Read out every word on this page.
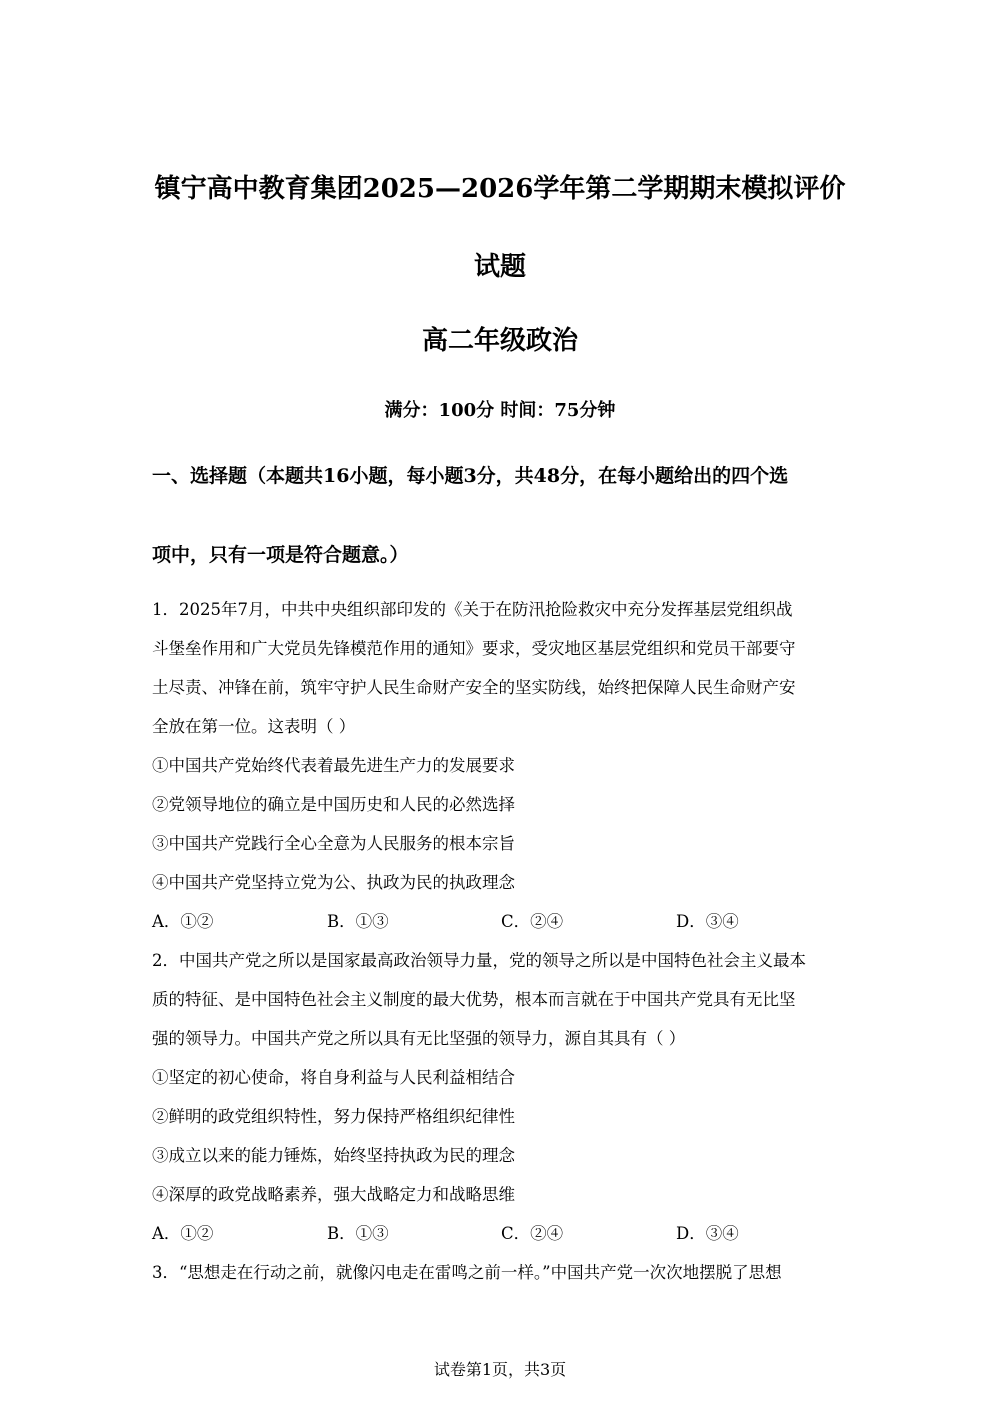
镇宁高中教育集团2025—2026学年第二学期期末模拟评价
试题
高二年级政治
满分：100分 时间：75分钟
一、选择题（本题共16小题，每小题3分，共48分，在每小题给出的四个选
项中，只有一项是符合题意。）
1．2025年7月，中共中央组织部印发的《关于在防汛抢险救灾中充分发挥基层党组织战
斗堡垒作用和广大党员先锋模范作用的通知》要求，受灾地区基层党组织和党员干部要守
土尽责、冲锋在前，筑牢守护人民生命财产安全的坚实防线，始终把保障人民生命财产安
全放在第一位。这表明（ ）
①中国共产党始终代表着最先进生产力的发展要求
②党领导地位的确立是中国历史和人民的必然选择
③中国共产党践行全心全意为人民服务的根本宗旨
④中国共产党坚持立党为公、执政为民的执政理念
A．①②	B．①③	C．②④	D．③④
2．中国共产党之所以是国家最高政治领导力量，党的领导之所以是中国特色社会主义最本
质的特征、是中国特色社会主义制度的最大优势，根本而言就在于中国共产党具有无比坚
强的领导力。中国共产党之所以具有无比坚强的领导力，源自其具有（ ）
①坚定的初心使命，将自身利益与人民利益相结合
②鲜明的政党组织特性，努力保持严格组织纪律性
③成立以来的能力锤炼，始终坚持执政为民的理念
④深厚的政党战略素养，强大战略定力和战略思维
A．①②	B．①③	C．②④	D．③④
3．“思想走在行动之前，就像闪电走在雷鸣之前一样。”中国共产党一次次地摆脱了思想
试卷第1页，共3页
